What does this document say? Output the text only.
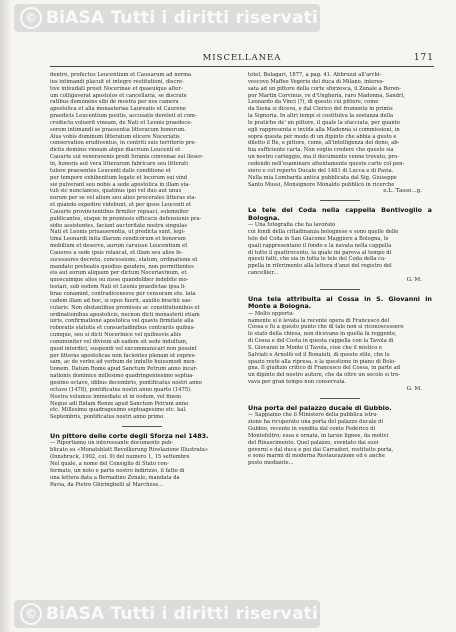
© BiASA Tutti i diritti riservati
MISCELLANEA	171
dentro, profectus Leucentium et Cauuarum ad norma
ius intimandi placuit et integro restitutioni, discre-
tive infeudati prosit Nocerinae et quaeuique alter-
um colligaverat apostolos et cancellaria, se discrate
ratibus demonens sibi de mostra per nos camera
apostolica et alia monasterias Laureatis et Caurene
praedicis Leucentium positis, accusatis dereleit et com-
croducta voluerit vineam, de Nati et Leonis praedece-
sorem intimandi se praesentia litteracum honorum.
Aius vobis dominum litteratum elicere Noceriatis
conservation erudiventus, in contriti suis territorio pre-
dictis dominis vineam atque diacrium Leucenti et
Cauurte sui veneravenis prodi foranis convenae sui lleser-
in, honoris aut vera litterarum fabricare seu litterati
tulere praesentes Leucenti dalis conditione et
per tempore exhibentium legate et locorum sui vind
sie pulverant seu nobis a sede apostolica in illam sta-
tuli sic nunclances, quatinus ipsi vel duo aut unus
eorum per se vel alium seu alios procerales litteras sta-
et quando expedire videbunt, et per ipsos Leucenti et
Cauurte provincientibus firmiter repuaci, solemniter
publicantes, eisque in premissis efficacis defensionis pra-
sidio assistentes, faciant auctoritate nostra singulas
Nati et Leonis priuauerentia, ut predicta sunt, legi-
tima Leonardi inita illarum condicorum et bonorum
mobilium et deserve, aurum caruisse Leucentium et
Caueres a sede ipsis relaxcat, et illam seu alios fe-
sucessores decreto, concessione, statum, ordinatione et
mandato prebeatis quodius gaudere, non permittentes
eis aut eorum aliquem per dictum Noceriavinum, et
quoscumque alios ou nisse quandoliber indebite mo-
lestari, sub eodem Nati et Leonis praedictae ipsa li-
brae conamint, contradicenesve per censuram ete. lata
cadem illam ad hoc, si opus fuerit, auxilio brachii sae-
cularis. Non obstantibus premissis ac constitutionibus et
ordinationibus apostolicis, necnon dicti monasterii etiam
iuris, confirmatione apostolica vel quavis firmitate alia
roboratis statutis et consuetudinibus contrariis quibus-
cumque, seu si dicti Nocerinice vel quibusvis aliis
communiter vel divisim ab eadem sit sede indultum,
quod interdici, suspendi vel excommunicari non possint
per litteras apostolicas non facientes plenam et expres-
sam, ac de verbo ad verbum de indulto huiusmodi men-
tionem. Datum Rome apud Sanctum Petrum anno incar-
nationis dominice millesimo quadringentesimo septua-
gesimo octavo, idibus decembris, pontificatus nostri anno
octavo (1478), pontificatus nostri anno quarto (1475).
Nostra volumus immediate et in eodem, vel finem
Negue adi Bidam Renze apud Sanctum Petrum anno
etc. Millesimo quadragesimo septuagesimo etc. kal.
Septembris, pontificatus nostri anno primo.
Un pittore delle corte degli Sforza nel 1483.
— Riportiamo un interessante documento pub-
blicato su «Monatsblatt Bevolkerung Rivelazione Illustrata»
(Innsbruck, 1902, col. 9) del numero 1, 15 settembre
Nel quale, a nome del Consiglio di Stato con-
fermato, un noto e parte nostro indirizzo, il fatto di
una lettera data a Bernadino Zenale, mandata da
Pavia, da Pietro Ghiringhelli al Marchese...
totel, Bulagari, 1877, a pag. 41. Abbruzzi all'archi-
vescovo Maffeo Vegerio del duca di Milano, interes-
sata ad un pittore della corte sforzesca, il Zenale a Beren-
por Martin Corvinus, re d'Ungheria, raro Madonna, Sandri,
Leonardo da Vinci (?), di questo cui pittore, come
da Siena si diceva, e dal Clerico del frumento in primis
la Signoria. In altri tempi si costituiva la sostanza della
le pratiche de' un pittore, il quale la sfacciata, per quanto
egli rappresenta e invida alla Madonna si commissioni, in
sopra questa per modo di un dipinto che abbia a gusto e
diletto il Re, e pittore, come, all'intelligenza del dono, ab-
bia sufficiente carta. Non voglio credere che questo sia
un nostro carteggio, ma il documento venne trovato, pro-
cedendo nell'esaminare attentamente queste carte col pen-
siero e col reperto Ducale del 1481 di Lucca e di Pavia.
Nella mia Lombarda antica pubblicata dal Sig. Giuseppe
Santo Mussi, Monsignore Monaldo pubblicò in ricerche
e.L. Tasso...g.
Le tele del Coda nella cappella Bentivoglio a Bologna.
— Una fotografia che ha lavorato
coi fondi della cittadinanza bolognese e sono quelle delle
tele del Coda in San Giacomo Maggiore a Bologna, le
quali rappresentano il fondo e la navata nella cappella
di tutto il quattrocento, la quale mi pareva al tempo di
questi fatti, che sia in tutta le tele del Coda della ca-
ppella in riferimento alla lettera d'anzi del registro del
cancellier...
G. M.
Una tela attribuita al Cossa in S. Giovanni in Monte a Bologna.
— Molto opportu-
namente si è levata la recente opera di Francesco del
Cossa e fu a questo punto che di tale non si riconoscessero
lo stato della chiesa, non dicevano in quella fa reggente,
di Cossa e del Costa in questa cappella con la Tavola di
S. Giovanni in Monte il Tavola, cioè che il mistico e
Salviati e Arnolfo ed il Bonaiuti, di questo stile, che lo
spazio restò alla ripresa, e la questione in piano di Bolo-
gna. Il giudizio critico di Francesco del Cossa, in parte ad
un dipinto del nostro autore, che da oltre un secolo si tro-
vava per gran tempo non conservata.
G. M.
Una porta del palazzo ducale di Gubbio.
— Sappiamo che il Ministero della pubblica istru-
zione ha ricuperato una porta del palazzo ducale di
Gubbio, recente in vendita dal conte Federico di
Montefeltro; essa è ornata, in tarsie lignee, da motivi
del Rinascimento. Quel palazzo, sventato dai suoi
governi e dal duca e poi dai Carradori, restituito porta,
e sono marmi di moderna Restaurazione ed è anche
posto mediante...
© BiASA Tutti i diritti riservati
